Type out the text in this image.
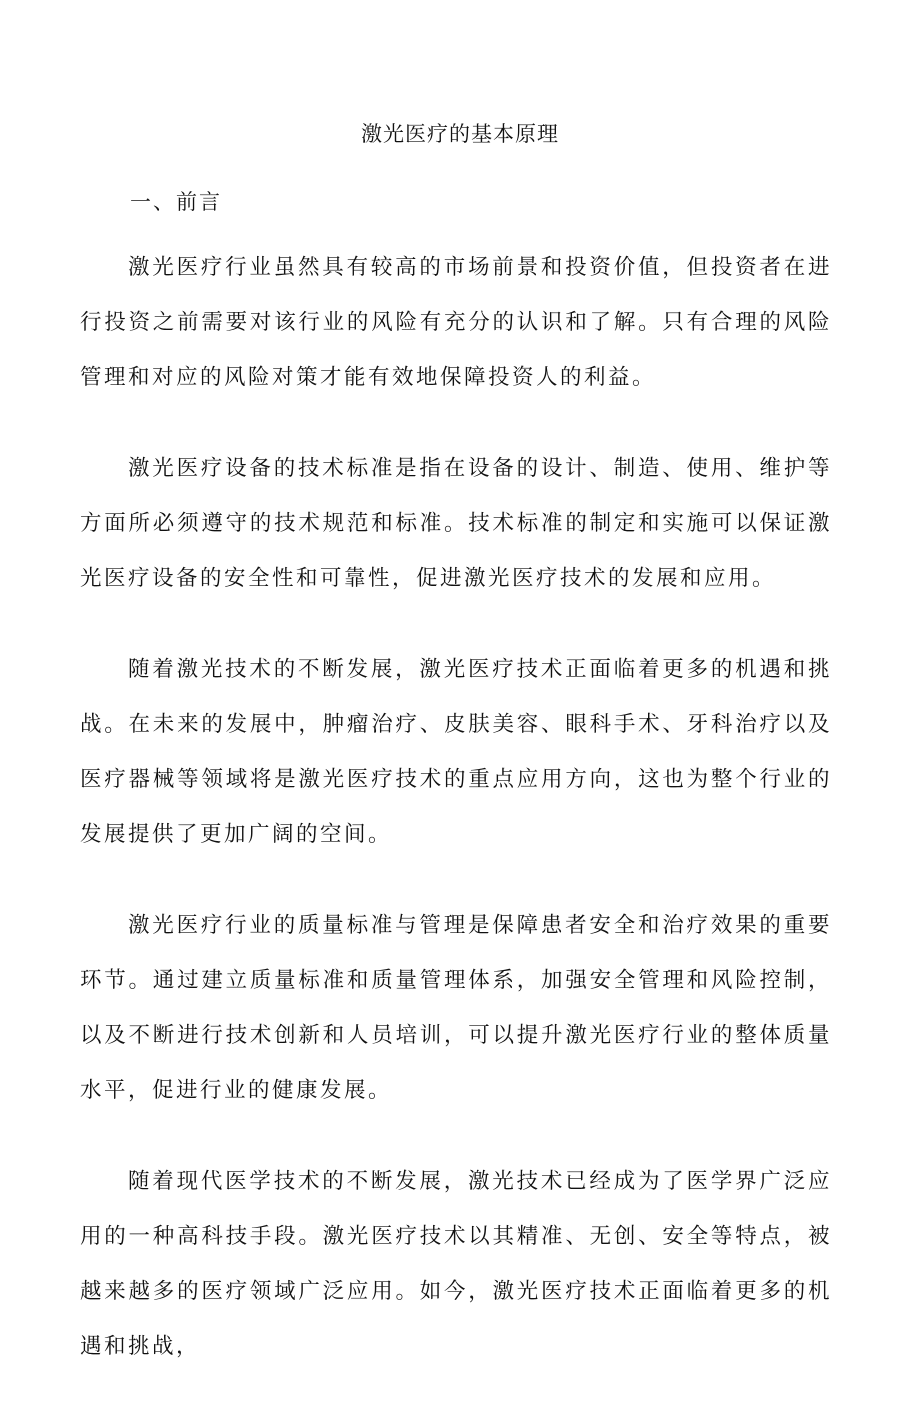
激光医疗的基本原理
一、前言

激光医疗行业虽然具有较高的市场前景和投资价值，但投资者在进行投资之前需要对该行业的风险有充分的认识和了解。只有合理的风险管理和对应的风险对策才能有效地保障投资人的利益。

激光医疗设备的技术标准是指在设备的设计、制造、使用、维护等方面所必须遵守的技术规范和标准。技术标准的制定和实施可以保证激光医疗设备的安全性和可靠性，促进激光医疗技术的发展和应用。

随着激光技术的不断发展，激光医疗技术正面临着更多的机遇和挑战。在未来的发展中，肿瘤治疗、皮肤美容、眼科手术、牙科治疗以及医疗器械等领域将是激光医疗技术的重点应用方向，这也为整个行业的发展提供了更加广阔的空间。

激光医疗行业的质量标准与管理是保障患者安全和治疗效果的重要环节。通过建立质量标准和质量管理体系，加强安全管理和风险控制，以及不断进行技术创新和人员培训，可以提升激光医疗行业的整体质量水平，促进行业的健康发展。

随着现代医学技术的不断发展，激光技术已经成为了医学界广泛应用的一种高科技手段。激光医疗技术以其精准、无创、安全等特点，被越来越多的医疗领域广泛应用。如今，激光医疗技术正面临着更多的机遇和挑战，
